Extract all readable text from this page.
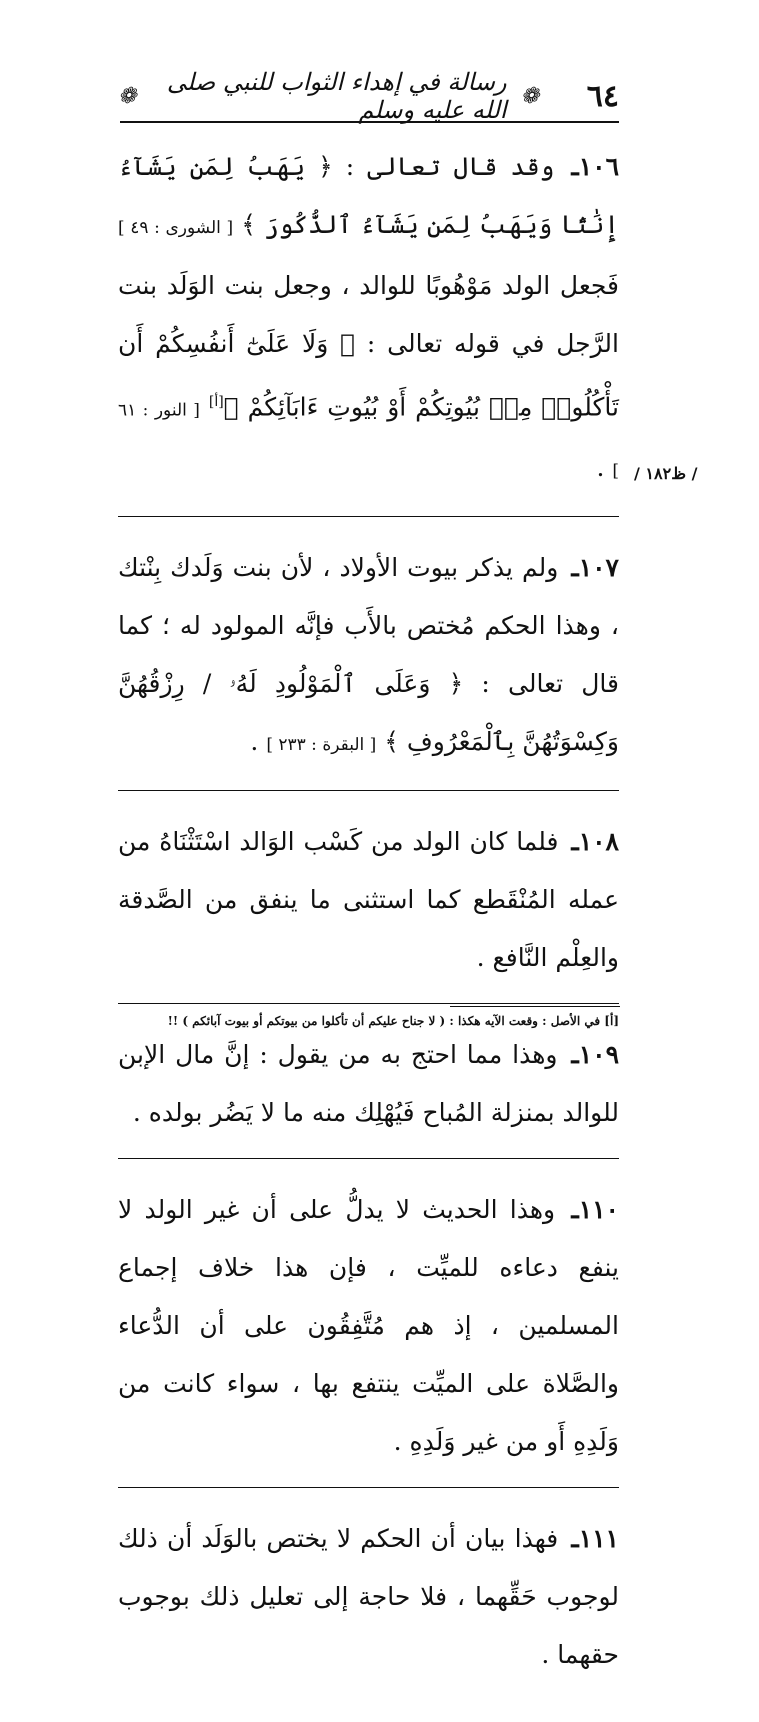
٦٤
❁
رسالة في إهداء الثواب للنبي صلى الله عليه وسلم
❁
/ ظ١٨٢ /

١٠٦ـ وقد قال تعالى : ﴿ يَهَبُ لِمَن يَشَآءُ إِنَٰثًا وَيَهَبُ لِمَن يَشَآءُ ٱلذُّكُورَ ﴾ [ الشورى : ٤٩ ] فَجعل الولد مَوْهُوبًا للوالد ، وجعل بنت الوَلَد بنت الرَّجل في قوله تعالى : ﴿ وَلَا عَلَىٰٓ أَنفُسِكُمْ أَن تَأْكُلُوا۟ مِنۢ بُيُوتِكُمْ أَوْ بُيُوتِ ءَابَآئِكُمْ ﴾[أ] [ النور : ٦١ ] .

١٠٧ـ ولم يذكر بيوت الأولاد ، لأن بنت وَلَدك بِنْتك ، وهذا الحكم مُختص بالأَب فإنَّه المولود له ؛ كما قال تعالى : ﴿ وَعَلَى ٱلْمَوْلُودِ لَهُۥ / رِزْقُهُنَّ وَكِسْوَتُهُنَّ بِٱلْمَعْرُوفِ ﴾ [ البقرة : ٢٣٣ ] .

١٠٨ـ فلما كان الولد من كَسْب الوَالد اسْتَثْنَاهُ من عمله المُنْقَطع كما استثنى ما ينفق من الصَّدقة والعِلْم النَّافع .

١٠٩ـ وهذا مما احتج به من يقول : إنَّ مال الإبن للوالد بمنزلة المُباح فَيُهْلِك منه ما لا يَضُر بولده .

١١٠ـ وهذا الحديث لا يدلُّ على أن غير الولد لا ينفع دعاءه للميِّت ، فإن هذا خلاف إجماع المسلمين ، إذ هم مُتَّفِقُون على أن الدُّعاء والصَّلاة على الميِّت ينتفع بها ، سواء كانت من وَلَدِهِ أَو من غير وَلَدِهِ .

١١١ـ فهذا بيان أن الحكم لا يختص بالوَلَد أن ذلك لوجوب حَقِّهما ، فلا حاجة إلى تعليل ذلك بوجوب حقهما .

[أ] في الأصل : وقعت الآيه هكذا : ( لا جناح عليكم أن تأكلوا من بيوتكم أو بيوت آبائكم ) !!
